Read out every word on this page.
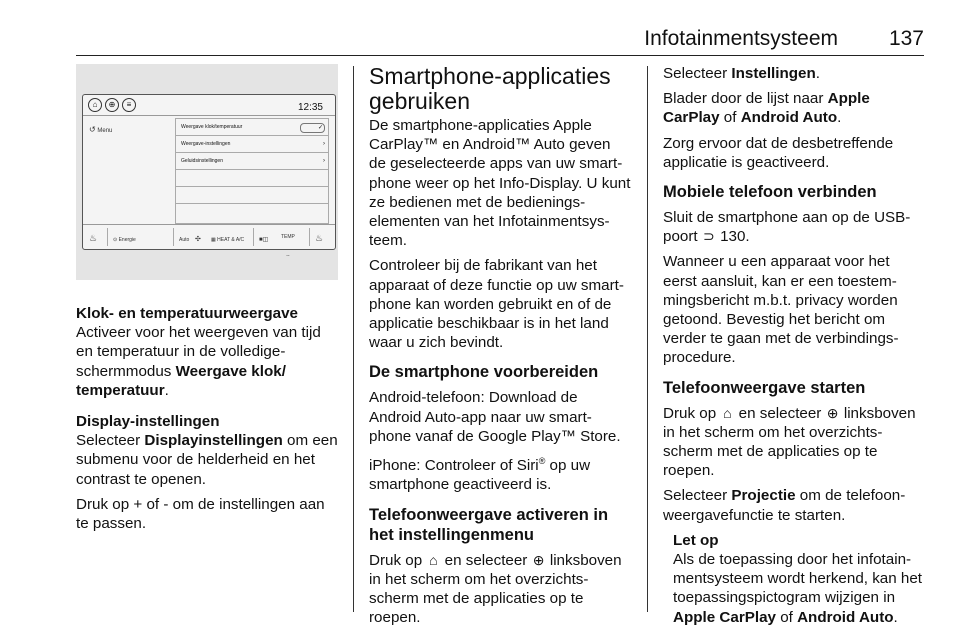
Infotainmentsysteem 137
⌂	⊕	≡	12:35
↺ Menu
Weergave klok/temperatuur	✓
Weergave-instellingen	›
Geluidsinstellingen	›
♨	⊙ Energie	Auto ✣ ▦ HEAT & A/C ■◫	TEMP
--
♨
Klok- en temperatuurweergave

Activeer voor het weergeven van tijd en temperatuur in de volledige-schermmodus Weergave klok/ temperatuur.

Display-instellingen

Selecteer Displayinstellingen om een submenu voor de helderheid en het contrast te openen.

Druk op + of - om de instellingen aan te passen.

Smartphone-applicaties gebruiken

De smartphone-applicaties Apple CarPlay™ en Android™ Auto geven de geselecteerde apps van uw smart-phone weer op het Info-Display. U kunt ze bedienen met de bedienings-elementen van het Infotainmentsys-teem.

Controleer bij de fabrikant van het apparaat of deze functie op uw smart-phone kan worden gebruikt en of de applicatie beschikbaar is in het land waar u zich bevindt.

De smartphone voorbereiden

Android-telefoon: Download de Android Auto-app naar uw smart-phone vanaf de Google Play™ Store.

iPhone: Controleer of Siri® op uw smartphone geactiveerd is.

Telefoonweergave activeren in het instellingenmenu

Druk op ⌂ en selecteer ⊕ linksboven in het scherm om het overzichts-scherm met de applicaties op te roepen.

Selecteer Instellingen.

Blader door de lijst naar Apple CarPlay of Android Auto.

Zorg ervoor dat de desbetreffende applicatie is geactiveerd.

Mobiele telefoon verbinden

Sluit de smartphone aan op de USB-poort ⊃ 130.

Wanneer u een apparaat voor het eerst aansluit, kan er een toestem-mingsbericht m.b.t. privacy worden getoond. Bevestig het bericht om verder te gaan met de verbindings-procedure.

Telefoonweergave starten

Druk op ⌂ en selecteer ⊕ linksboven in het scherm om het overzichts-scherm met de applicaties op te roepen.

Selecteer Projectie om de telefoon-weergavefunctie te starten.

Let op

Als de toepassing door het infotain-mentsysteem wordt herkend, kan het toepassingspictogram wijzigen in Apple CarPlay of Android Auto.
